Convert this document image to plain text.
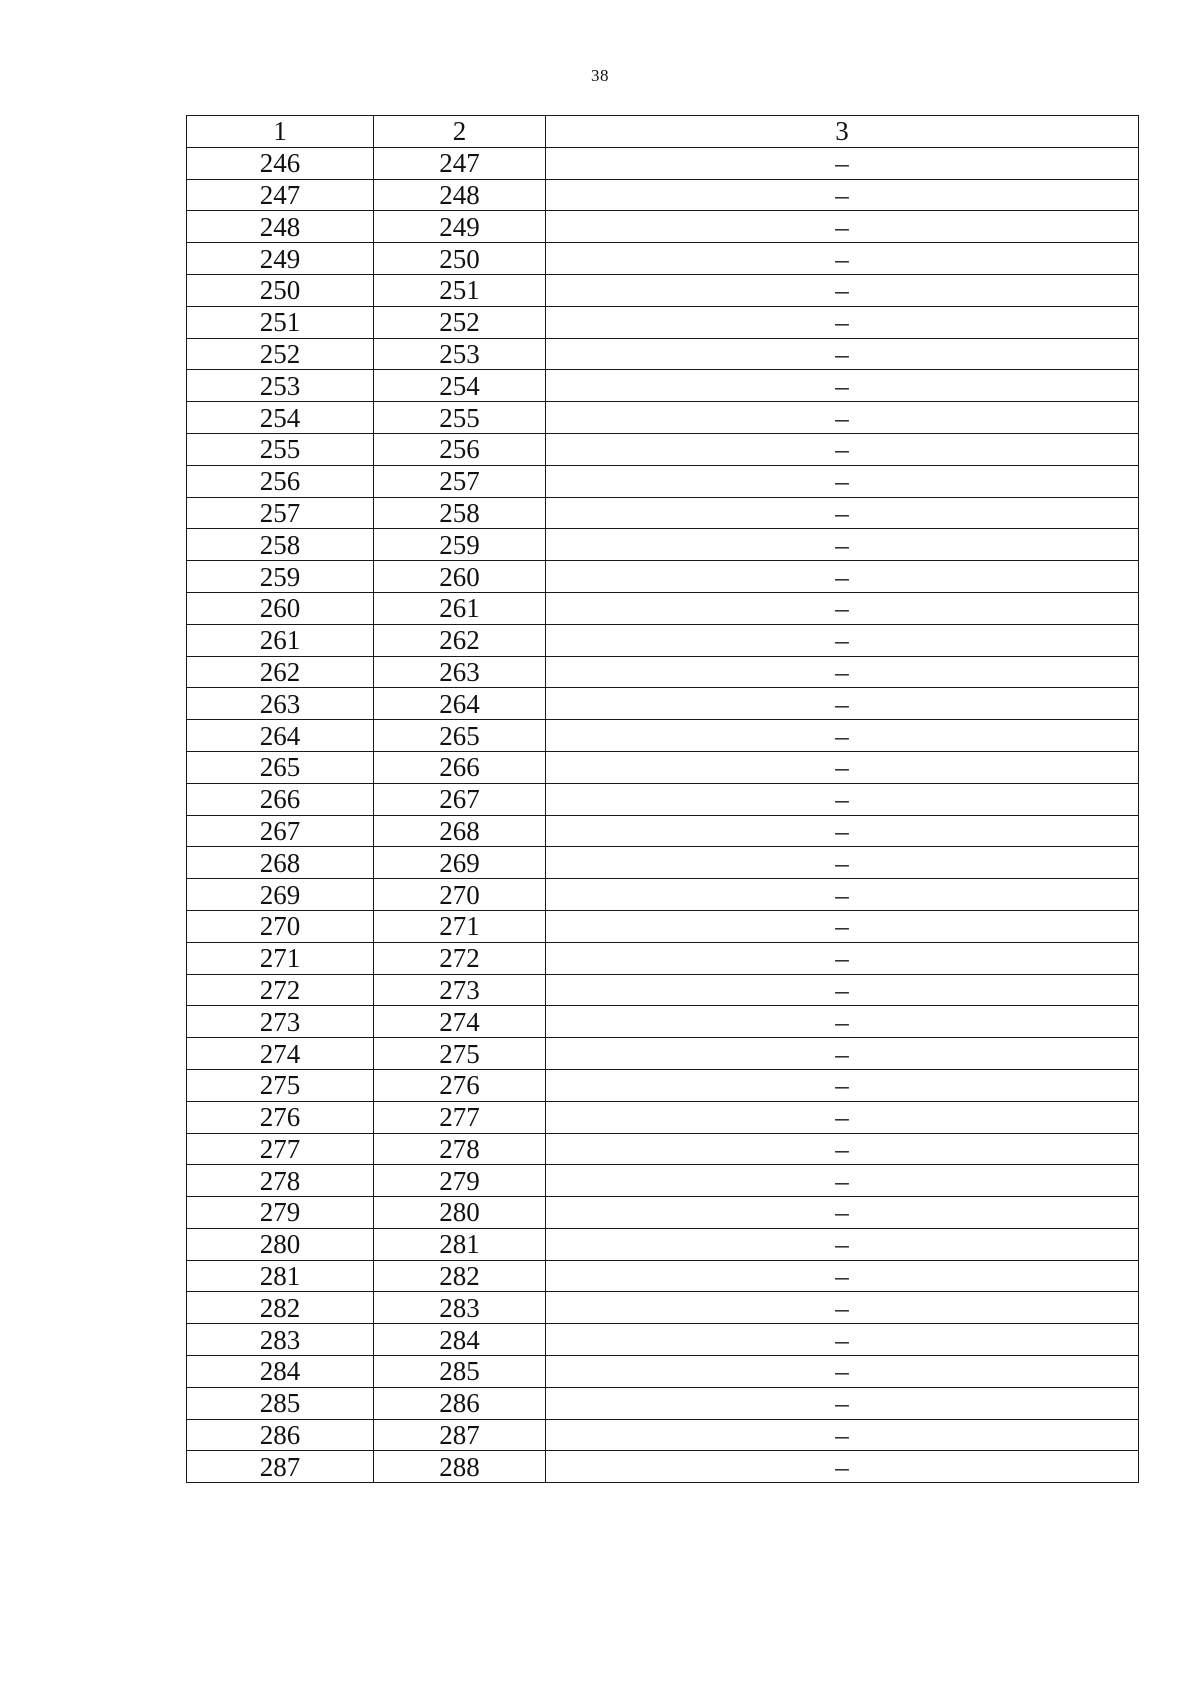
38
1	2	3
246	247	–
247	248	–
248	249	–
249	250	–
250	251	–
251	252	–
252	253	–
253	254	–
254	255	–
255	256	–
256	257	–
257	258	–
258	259	–
259	260	–
260	261	–
261	262	–
262	263	–
263	264	–
264	265	–
265	266	–
266	267	–
267	268	–
268	269	–
269	270	–
270	271	–
271	272	–
272	273	–
273	274	–
274	275	–
275	276	–
276	277	–
277	278	–
278	279	–
279	280	–
280	281	–
281	282	–
282	283	–
283	284	–
284	285	–
285	286	–
286	287	–
287	288	–
